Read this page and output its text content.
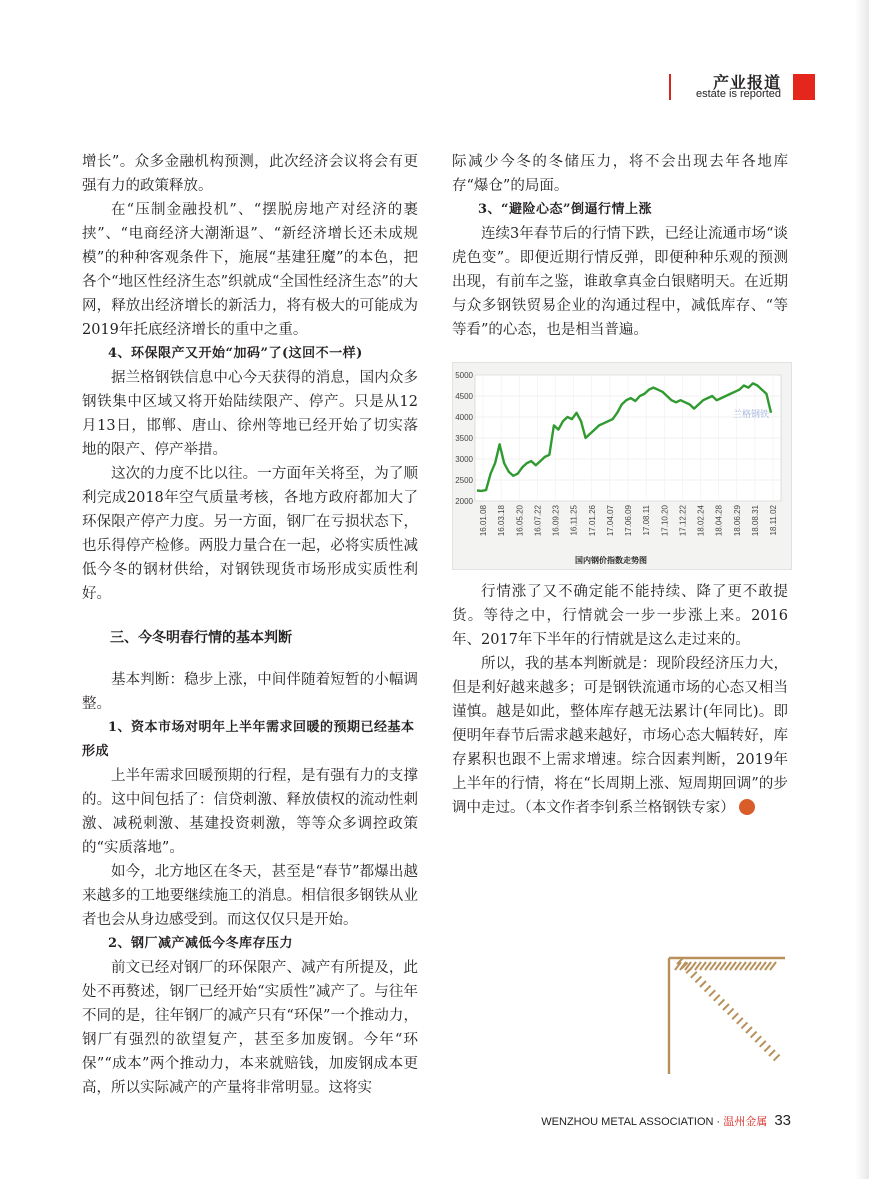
产业报道
estate is reported

增长”。众多金融机构预测，此次经济会议将会有更强有力的政策释放。

在“压制金融投机”、“摆脱房地产对经济的裹挟”、“电商经济大潮渐退”、“新经济增长还未成规模”的种种客观条件下，施展“基建狂魔”的本色，把各个“地区性经济生态”织就成“全国性经济生态”的大网，释放出经济增长的新活力，将有极大的可能成为2019年托底经济增长的重中之重。

4、环保限产又开始“加码”了(这回不一样)

据兰格钢铁信息中心今天获得的消息，国内众多钢铁集中区域又将开始陆续限产、停产。只是从12月13日，邯郸、唐山、徐州等地已经开始了切实落地的限产、停产举措。

这次的力度不比以往。一方面年关将至，为了顺利完成2018年空气质量考核，各地方政府都加大了环保限产停产力度。另一方面，钢厂在亏损状态下，也乐得停产检修。两股力量合在一起，必将实质性减低今冬的钢材供给，对钢铁现货市场形成实质性利好。

三、今冬明春行情的基本判断

基本判断：稳步上涨，中间伴随着短暂的小幅调整。

1、资本市场对明年上半年需求回暖的预期已经基本形成

上半年需求回暖预期的行程，是有强有力的支撑的。这中间包括了：信贷刺激、释放债权的流动性刺激、减税刺激、基建投资刺激，等等众多调控政策的“实质落地”。

如今，北方地区在冬天，甚至是“春节”都爆出越来越多的工地要继续施工的消息。相信很多钢铁从业者也会从身边感受到。而这仅仅只是开始。

2、钢厂减产减低今冬库存压力

前文已经对钢厂的环保限产、减产有所提及，此处不再赘述，钢厂已经开始“实质性”减产了。与往年不同的是，往年钢厂的减产只有“环保”一个推动力，钢厂有强烈的欲望复产，甚至多加废钢。今年“环保”“成本”两个推动力，本来就赔钱，加废钢成本更高，所以实际减产的产量将非常明显。这将实

际减少今冬的冬储压力，将不会出现去年各地库存“爆仓”的局面。

3、“避险心态”倒逼行情上涨

连续3年春节后的行情下跌，已经让流通市场“谈虎色变”。即便近期行情反弹，即便种种乐观的预测出现，有前车之鉴，谁敢拿真金白银赌明天。在近期与众多钢铁贸易企业的沟通过程中，减低库存、“等等看”的心态，也是相当普遍。

行情涨了又不确定能不能持续、降了更不敢提货。等待之中，行情就会一步一步涨上来。2016年、2017年下半年的行情就是这么走过来的。

所以，我的基本判断就是：现阶段经济压力大，但是利好越来越多；可是钢铁流通市场的心态又相当谨慎。越是如此，整体库存越无法累计(年同比)。即便明年春节后需求越来越好，市场心态大幅转好，库存累积也跟不上需求增速。综合因素判断，2019年上半年的行情，将在“长周期上涨、短周期回调”的步调中走过。（本文作者李钊系兰格钢铁专家）

2000
2500
3000
3500
4000
4500
5000
16.01.08 16.03.18 16.05.20 16.07.22 16.09.23 16.11.25 17.01.26 17.04.07 17.06.09 17.08.11 17.10.20 17.12.22 18.02.24 18.04.28 18.06.29 18.08.31 18.11.02
兰格钢铁
国内钢价指数走势图
WENZHOU METAL ASSOCIATION · 温州金属 33
